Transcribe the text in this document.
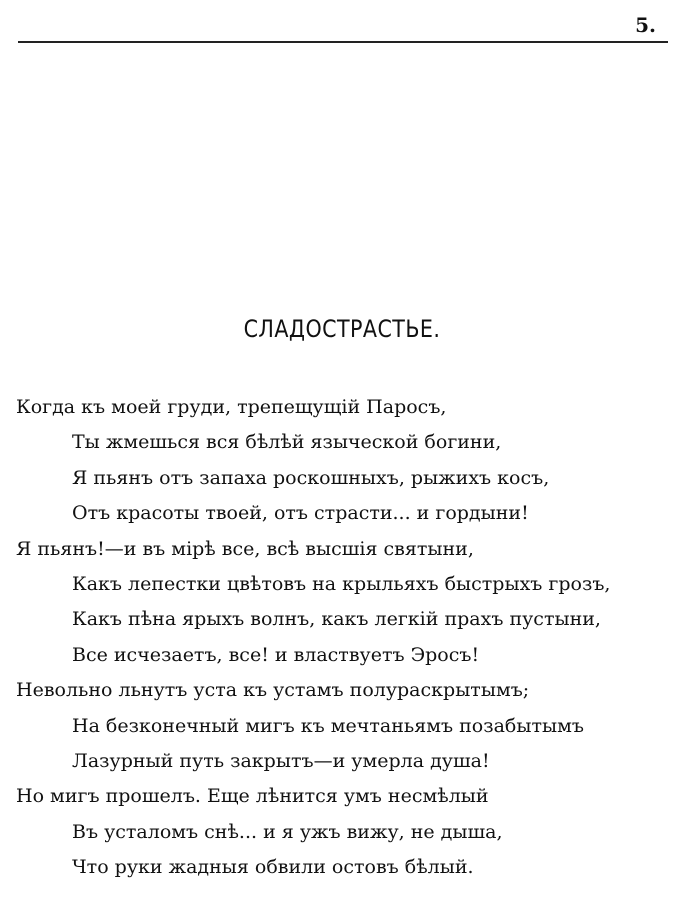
5.
СЛАДОСТРАСТЬЕ.
Когда къ моей груди, трепещущій Паросъ,
Ты жмешься вся бѣлѣй языческой богини,
Я пьянъ отъ запаха роскошныхъ, рыжихъ косъ,
Отъ красоты твоей, отъ страсти... и гордыни!
Я пьянъ!—и въ мірѣ все, всѣ высшія святыни,
Какъ лепестки цвѣтовъ на крыльяхъ быстрыхъ грозъ,
Какъ пѣна ярыхъ волнъ, какъ легкій прахъ пустыни,
Все исчезаетъ, все! и властвуетъ Эросъ!
Невольно льнутъ уста къ устамъ полураскрытымъ;
На безконечный мигъ къ мечтаньямъ позабытымъ
Лазурный путь закрытъ—и умерла душа!
Но мигъ прошелъ. Еще лѣнится умъ несмѣлый
Въ усталомъ снѣ... и я ужъ вижу, не дыша,
Что руки жадныя обвили остовъ бѣлый.
